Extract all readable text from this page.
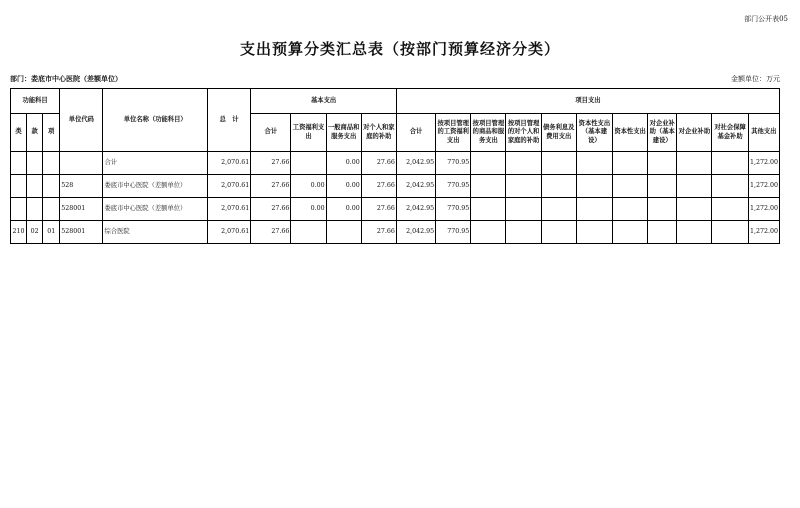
部门公开表05
支出预算分类汇总表（按部门预算经济分类）
部门：娄底市中心医院（差额单位）	金额单位：万元
功能科目			单位代码	单位名称（功能科目）	总　计	基本支出				项目支出										
类	款	项				合计	工资福利支出	一般商品和服务支出	对个人和家庭的补助	合计	按项目管理的工资福利支出	按项目管理的商品和服务支出	按项目管理的对个人和家庭的补助	债务利息及费用支出	资本性支出（基本建设）	资本性支出	对企业补助（基本建设）	对企业补助	对社会保障基金补助	其他支出
				合计	2,070.61	27.66		0.00	27.66	2,042.95	770.95									1,272.00
			528	娄底市中心医院（差额单位）	2,070.61	27.66	0.00	0.00	27.66	2,042.95	770.95									1,272.00
			528001	娄底市中心医院（差额单位）	2,070.61	27.66	0.00	0.00	27.66	2,042.95	770.95									1,272.00
210	02	01	528001	综合医院	2,070.61	27.66			27.66	2,042.95	770.95									1,272.00
